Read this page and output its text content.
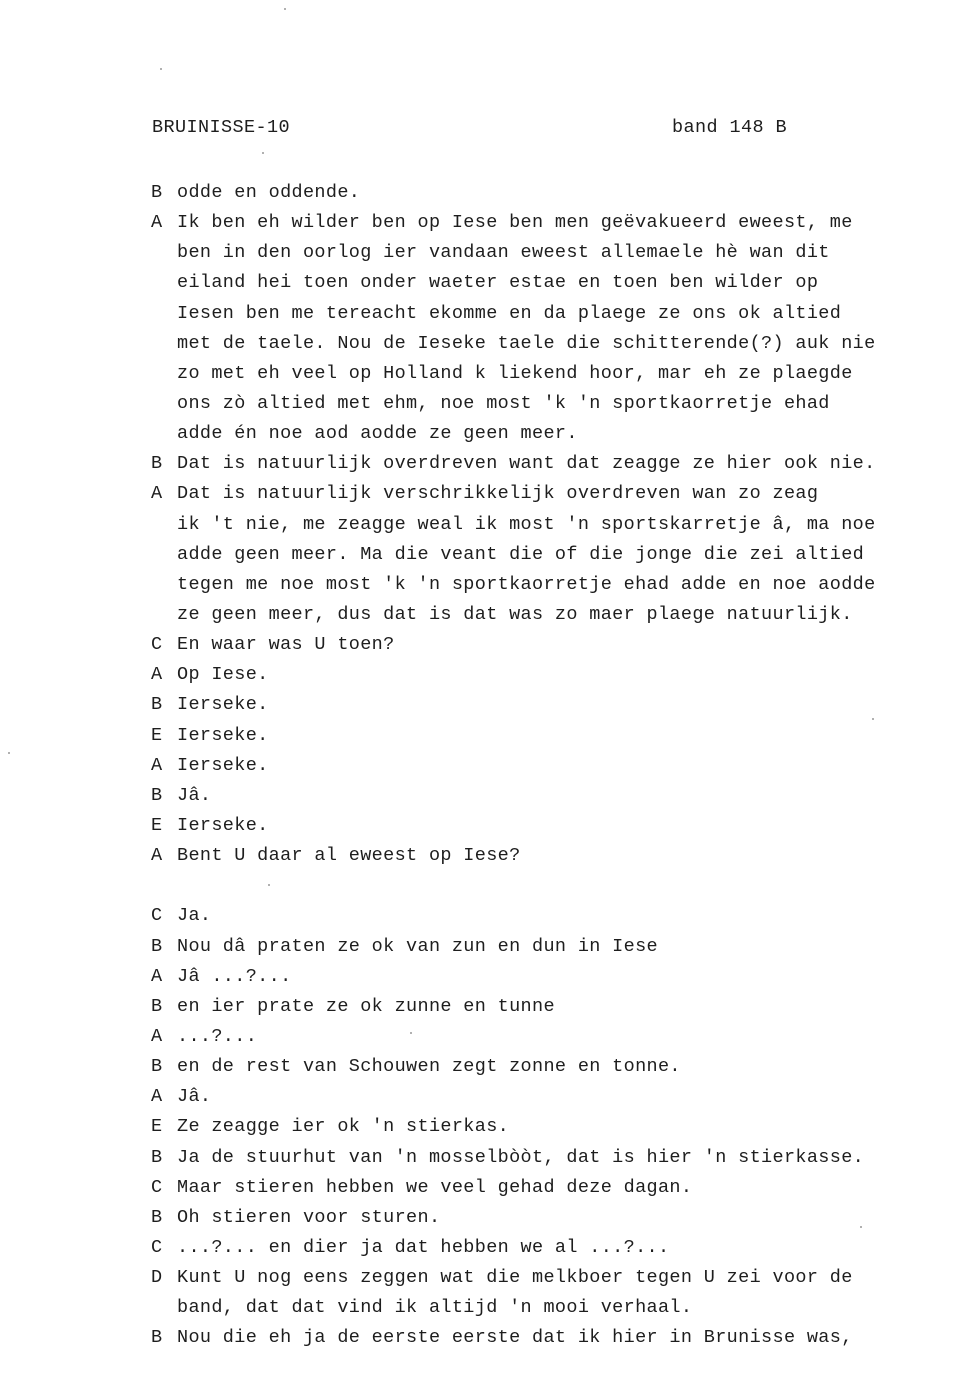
BRUINISSE-10	band 148 B
B odde en oddende.
A Ik ben eh wilder ben op Iese ben men geëvakueerd eweest, me
ben in den oorlog ier vandaan eweest allemaele hè wan dit
eiland hei toen onder waeter estae en toen ben wilder op
Iesen ben me tereacht ekomme en da plaege ze ons ok altied
met de taele. Nou de Ieseke taele die schitterende(?) auk nie
zo met eh veel op Holland k liekend hoor, mar eh ze plaegde
ons zò altied met ehm, noe most 'k 'n sportkaorretje ehad
adde én noe aod aodde ze geen meer.
B Dat is natuurlijk overdreven want dat zeagge ze hier ook nie.
A Dat is natuurlijk verschrikkelijk overdreven wan zo zeag
ik 't nie, me zeagge weal ik most 'n sportskarretje â, ma noe
adde geen meer. Ma die veant die of die jonge die zei altied
tegen me noe most 'k 'n sportkaorretje ehad adde en noe aodde
ze geen meer, dus dat is dat was zo maer plaege natuurlijk.
C En waar was U toen?
A Op Iese.
B Ierseke.
E Ierseke.
A Ierseke.
B Jâ.
E Ierseke.
A Bent U daar al eweest op Iese?
C Ja.
B Nou dâ praten ze ok van zun en dun in Iese
A Jâ ...?...
B en ier prate ze ok zunne en tunne
A ...?...
B en de rest van Schouwen zegt zonne en tonne.
A Jâ.
E Ze zeagge ier ok 'n stierkas.
B Ja de stuurhut van 'n mosselbòòt, dat is hier 'n stierkasse.
C Maar stieren hebben we veel gehad deze dagan.
B Oh stieren voor sturen.
C ...?... en dier ja dat hebben we al ...?...
D Kunt U nog eens zeggen wat die melkboer tegen U zei voor de
band, dat dat vind ik altijd 'n mooi verhaal.
B Nou die eh ja de eerste eerste dat ik hier in Brunisse was,
